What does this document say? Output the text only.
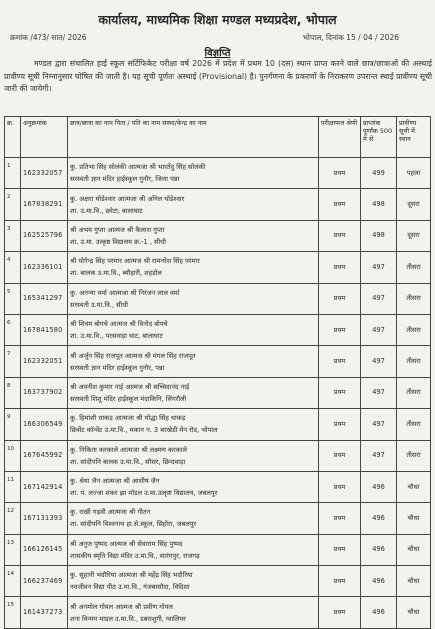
कार्यालय, माध्यमिक शिक्षा मण्डल मध्यप्रदेश, भोपाल
क्रमांक /4?3/ सात/ 2026	भोपाल, दिनांक 15 / 04 / 2026
विज्ञप्ति
मण्डल द्वारा संचालित हाई स्कूल सर्टिफिकेट परीक्षा वर्ष 2026 में प्रदेश में प्रथम 10 (दस) स्थान प्राप्त करने वाले छात्र/छात्राओं की अस्थाई प्रावीण्य सूची निम्नानुसार घोषित की जाती है। यह सूची पूर्णतः अस्थाई (Provisional) है। पुनर्गणना के प्रकरणों के निराकरण उपरान्त स्थाई प्रावीण्य सूची जारी की जायेगी।
क्र.	अनुक्रमांक	छात्र/छात्रा का नाम पिता / पति का नाम संस्था/केन्द्र का नाम	परीक्षाफल श्रेणी	प्राप्तांक पूर्णांक 500 में से	प्रावीण्य सूची में स्थान
1	162332057	कु. प्रतिभा सिंह सोलंकी आत्मजा श्री भारतेंदु सिंह सोलंकी
सरस्वती ज्ञान मंदिर हाईस्कूल गुनौर, जिला पन्ना	प्रथम	499	पहला
2	167838291	कु. अक्षरा घोडेश्वार आत्मजा श्री अनिल घोडेश्वार
शा. उ.मा.वि., छरेटा, बालाघाट	प्रथम	498	दूसरा
3	162525796	श्री अभय गुप्ता आत्मज श्री कैलाश गुप्ता
शा. उ.मा. उत्कृष्ठ विद्यालय क्र.-1 , सीधी	प्रथम	498	दूसरा
4	162336101	श्री योगेन्द्र सिंह परमार आत्मज श्री रामनरेश सिंह परमार
शा. बालक उ.मा.वि., ब्यौहारी, शहडोल	प्रथम	497	तीसरा
5	165341297	कु. अनन्या वर्मा आत्मजा श्री निरंजन लाल वर्मा
सरस्वती उ.मा.वि., सीधी	प्रथम	497	तीसरा
6	167841580	श्री शिवम बोपचे आत्मज श्री विनोद बोपचे
शा. उ.मा.वि., परसवाड़ा घाट, बालाघाट	प्रथम	497	तीसरा
7	162332051	श्री अर्जुन सिंह राजपूत आत्मज श्री मंगल सिंह राजपूत
सरस्वती ज्ञान मंदिर हाईस्कूल गुनौर, पन्ना	प्रथम	497	तीसरा
8	163737902	श्री अवनीश कुमार नाई आत्मज श्री सच्चिदानंद नाई
सरस्वती शिशु मंदिर हाईस्कूल मंदाकिनि, सिंगरौली	प्रथम	497	तीसरा
9	166306549	कु. हिमांशी धाकड़ आत्मजा श्री योद्धा सिंह धाकड़
क्रिसेंट कॉन्वेंट उ.मा.वि., मकान न. 3 बरखेडी मेन रोड, भोपाल	प्रथम	497	तीसरा
10	167645992	कु. निकिता करकाले आत्मजा श्री लक्ष्मण करकाले
शा. सांदीपनि बालक उ.मा.वि., सौसर, छिन्दवाड़ा	प्रथम	497	तीसरा
11	167142914	कु. श्रेया जैन आत्मजा श्री आशीष जैन
शा. पं. लज्जा शंकर झा मॉडल उ.मा.उत्कृष्ट विद्यालय, जबलपुर	प्रथम	496	चौथा
12	167131393	कु. राखी गढ़वी आत्मजा श्री गीतन
शा. सांदीपनि विश्वनाथ हा.से.स्कूल, सिहोरा, जबलपुर	प्रथम	496	चौथा
13	166126145	श्री अनुज पुष्पद आत्मज श्री सेवाराम सिंह पुष्पद
शासकीय स्मृति विद्या मंदिर उ.मा.वि., सारंगपुर, राजगढ़	प्रथम	496	चौथा
14	166237469	कु. सुहानी भदौरिया आत्मजा श्री महेंद्र सिंह भदौरिया
नवजीवन विद्या पीठ उ.मा.वि., गंजबासौदा, विदिशा	प्रथम	496	चौथा
15	161437273	श्री अनमोल गोयल आत्मज श्री प्रवीण गोयल
शना विन्मय माडल उ.मा.वि., डबराशुगी, ग्वालियर	प्रथम	496	चौथा
